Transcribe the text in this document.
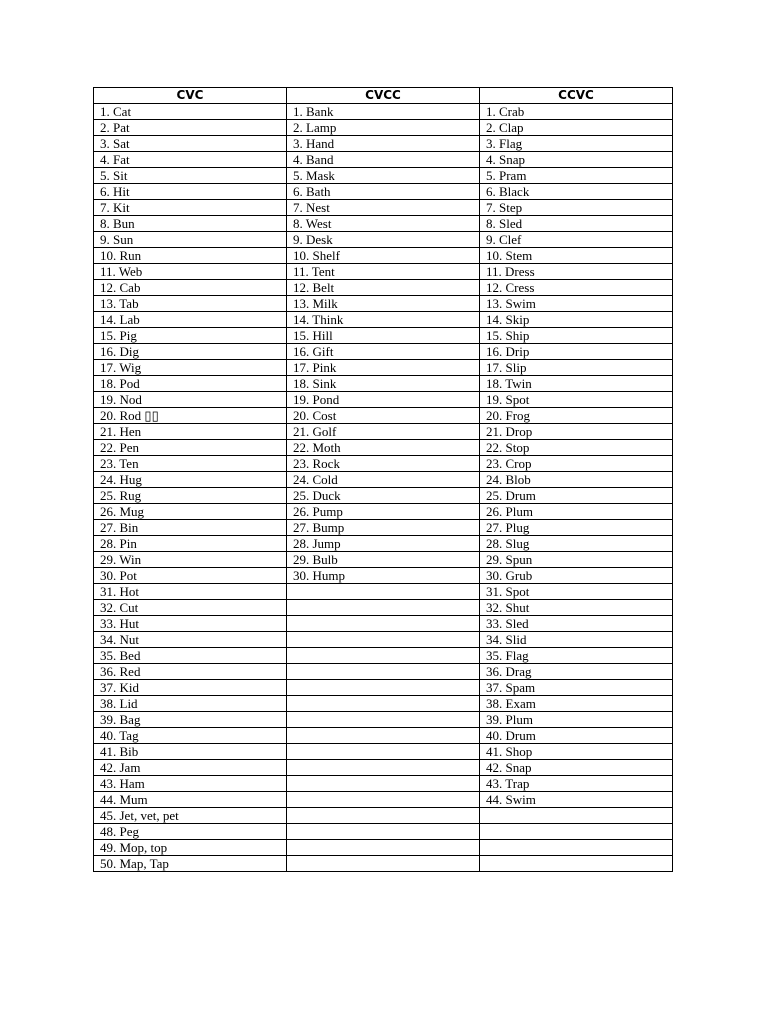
CVC	CVCC	CCVC
1. Cat	1. Bank	1. Crab
2. Pat	2. Lamp	2. Clap
3. Sat	3. Hand	3. Flag
4. Fat	4. Band	4. Snap
5. Sit	5. Mask	5. Pram
6. Hit	6. Bath	6. Black
7. Kit	7. Nest	7. Step
8. Bun	8. West	8. Sled
9. Sun	9. Desk	9. Clef
10. Run	10. Shelf	10. Stem
11. Web	11. Tent	11. Dress
12. Cab	12. Belt	12. Cress
13. Tab	13. Milk	13. Swim
14. Lab	14. Think	14. Skip
15. Pig	15. Hill	15. Ship
16. Dig	16. Gift	16. Drip
17. Wig	17. Pink	17. Slip
18. Pod	18. Sink	18. Twin
19. Nod	19. Pond	19. Spot
20. Rod ▯▯	20. Cost	20. Frog
21. Hen	21. Golf	21. Drop
22. Pen	22. Moth	22. Stop
23. Ten	23. Rock	23. Crop
24. Hug	24. Cold	24. Blob
25. Rug	25. Duck	25. Drum
26. Mug	26. Pump	26. Plum
27. Bin	27. Bump	27. Plug
28. Pin	28. Jump	28. Slug
29. Win	29. Bulb	29. Spun
30. Pot	30. Hump	30. Grub
31. Hot		31. Spot
32. Cut		32. Shut
33. Hut		33. Sled
34. Nut		34. Slid
35. Bed		35. Flag
36. Red		36. Drag
37. Kid		37. Spam
38. Lid		38. Exam
39. Bag		39. Plum
40. Tag		40. Drum
41. Bib		41. Shop
42. Jam		42. Snap
43. Ham		43. Trap
44. Mum		44. Swim
45. Jet, vet, pet		
48. Peg		
49. Mop, top		
50. Map, Tap		
